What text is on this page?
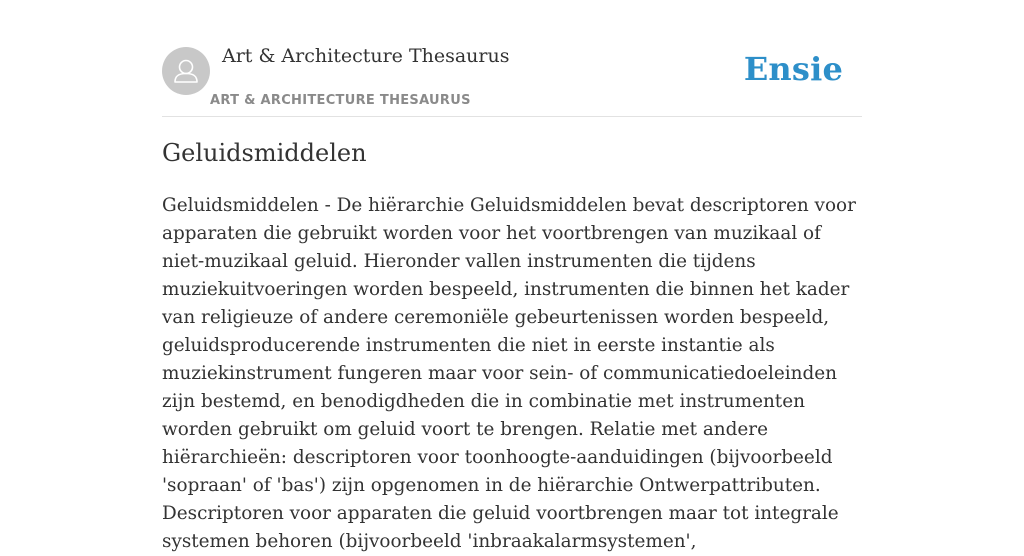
Art & Architecture Thesaurus
ART & ARCHITECTURE THESAURUS
Ensie
Geluidsmiddelen

Geluidsmiddelen - De hiërarchie Geluidsmiddelen bevat descriptoren voor apparaten die gebruikt worden voor het voortbrengen van muzikaal of niet-muzikaal geluid. Hieronder vallen instrumenten die tijdens muziekuitvoeringen worden bespeeld, instrumenten die binnen het kader van religieuze of andere ceremoniële gebeurtenissen worden bespeeld, geluidsproducerende instrumenten die niet in eerste instantie als muziekinstrument fungeren maar voor sein- of communicatiedoeleinden zijn bestemd, en benodigdheden die in combinatie met instrumenten worden gebruikt om geluid voort te brengen. Relatie met andere hiërarchieën: descriptoren voor toonhoogte-aanduidingen (bijvoorbeeld 'sopraan' of 'bas') zijn opgenomen in de hiërarchie Ontwerpattributen. Descriptoren voor apparaten die geluid voortbrengen maar tot integrale systemen behoren (bijvoorbeeld 'inbraakalarmsystemen',
